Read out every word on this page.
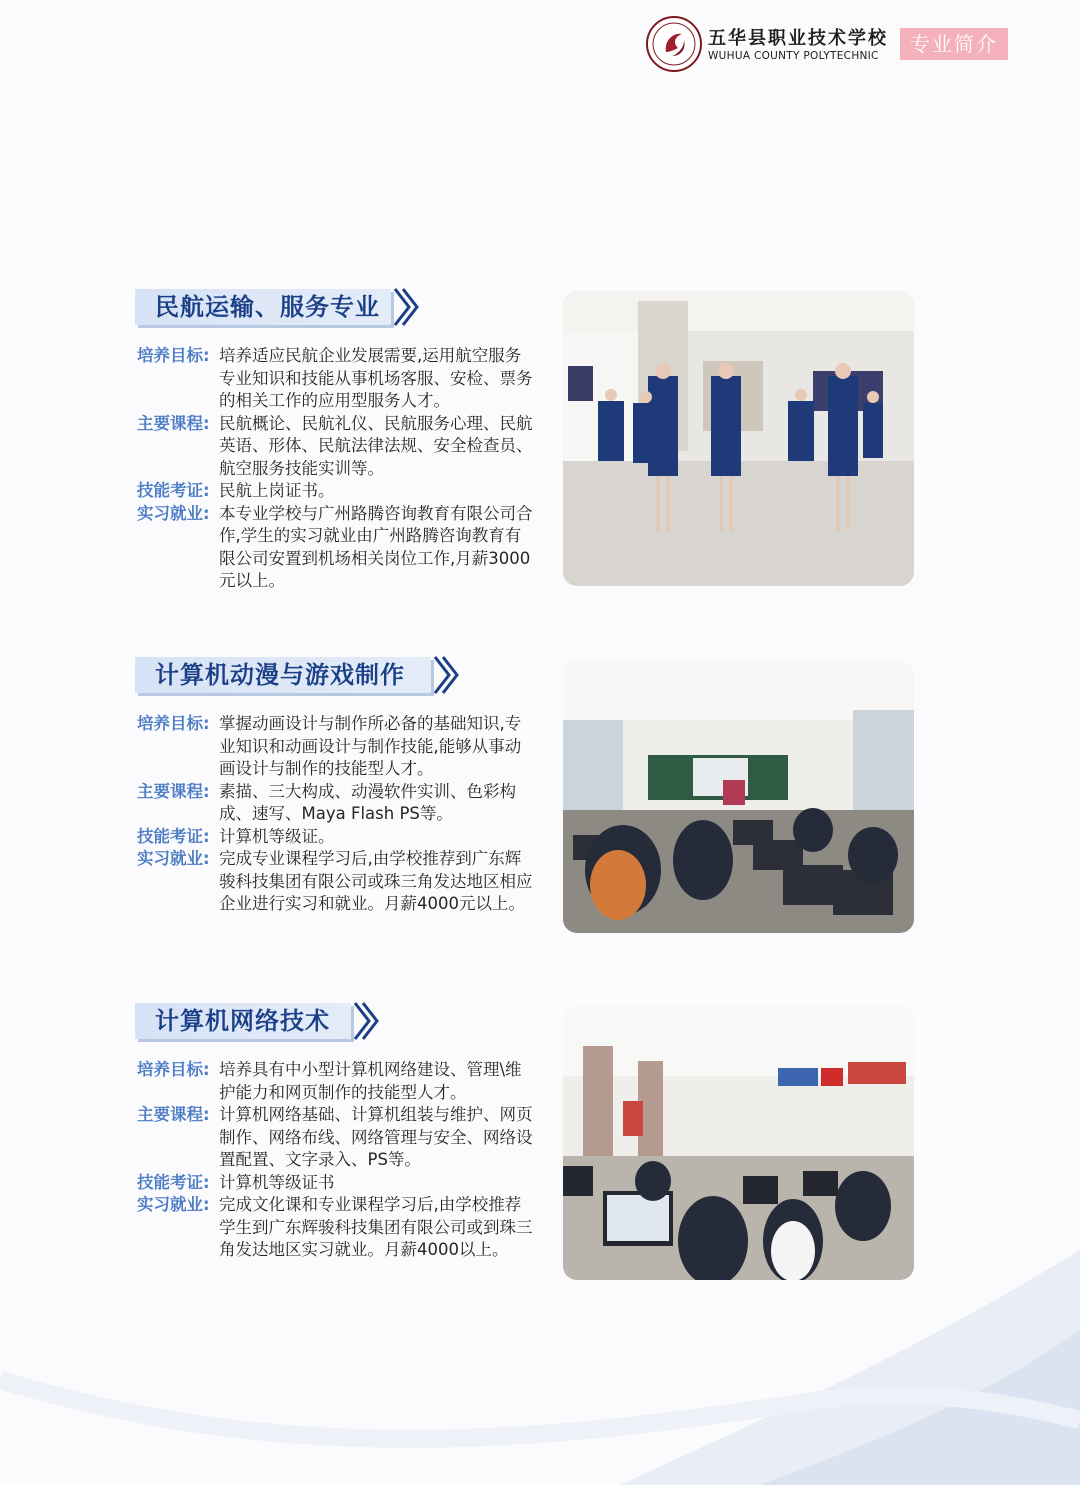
五华县职业技术学校
WUHUA COUNTY POLYTECHNIC	专业简介
民航运输、服务专业
培养目标: 培养适应民航企业发展需要,运用航空服务专业知识和技能从事机场客服、安检、票务的相关工作的应用型服务人才。
主要课程: 民航概论、民航礼仪、民航服务心理、民航英语、形体、民航法律法规、安全检查员、航空服务技能实训等。
技能考证: 民航上岗证书。
实习就业: 本专业学校与广州路腾咨询教育有限公司合作,学生的实习就业由广州路腾咨询教育有限公司安置到机场相关岗位工作,月薪3000元以上。
计算机动漫与游戏制作
培养目标: 掌握动画设计与制作所必备的基础知识,专业知识和动画设计与制作技能,能够从事动画设计与制作的技能型人才。
主要课程: 素描、三大构成、动漫软件实训、色彩构成、速写、Maya Flash PS等。
技能考证: 计算机等级证。
实习就业: 完成专业课程学习后,由学校推荐到广东辉骏科技集团有限公司或珠三角发达地区相应企业进行实习和就业。月薪4000元以上。
计算机网络技术
培养目标: 培养具有中小型计算机网络建设、管理\维护能力和网页制作的技能型人才。
主要课程: 计算机网络基础、计算机组装与维护、网页制作、网络布线、网络管理与安全、网络设置配置、文字录入、PS等。
技能考证: 计算机等级证书
实习就业: 完成文化课和专业课程学习后,由学校推荐学生到广东辉骏科技集团有限公司或到珠三角发达地区实习就业。月薪4000以上。
